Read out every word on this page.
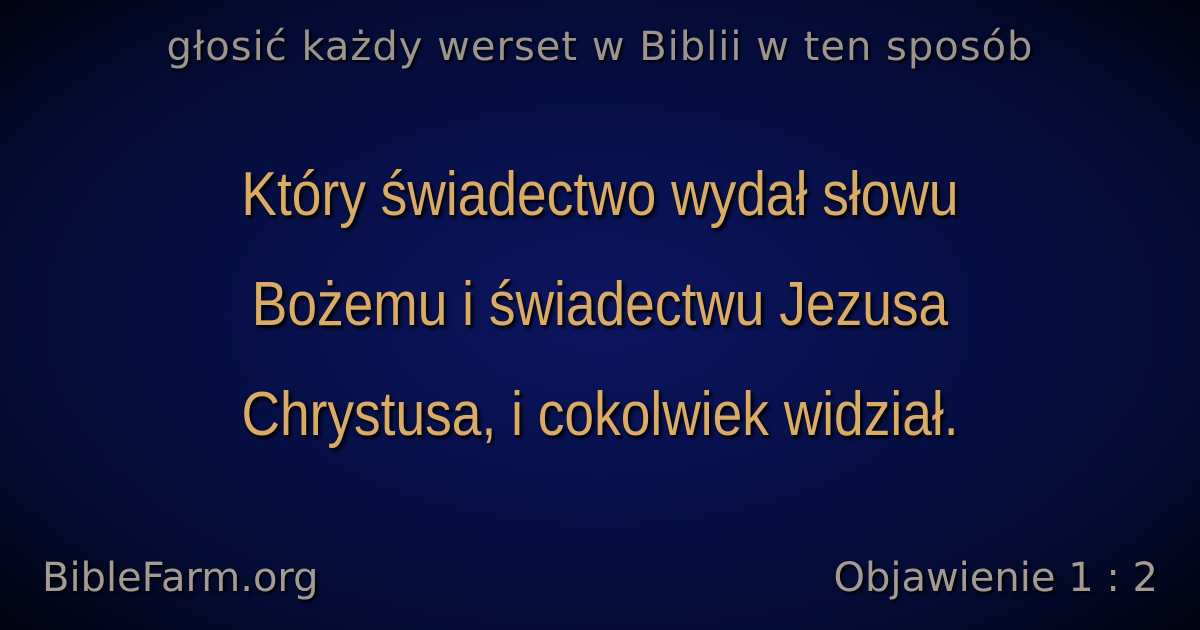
głosić każdy werset w Biblii w ten sposób
Który świadectwo wydał słowu
Bożemu i świadectwu Jezusa
Chrystusa, i cokolwiek widział.
BibleFarm.org	Objawienie 1 : 2
